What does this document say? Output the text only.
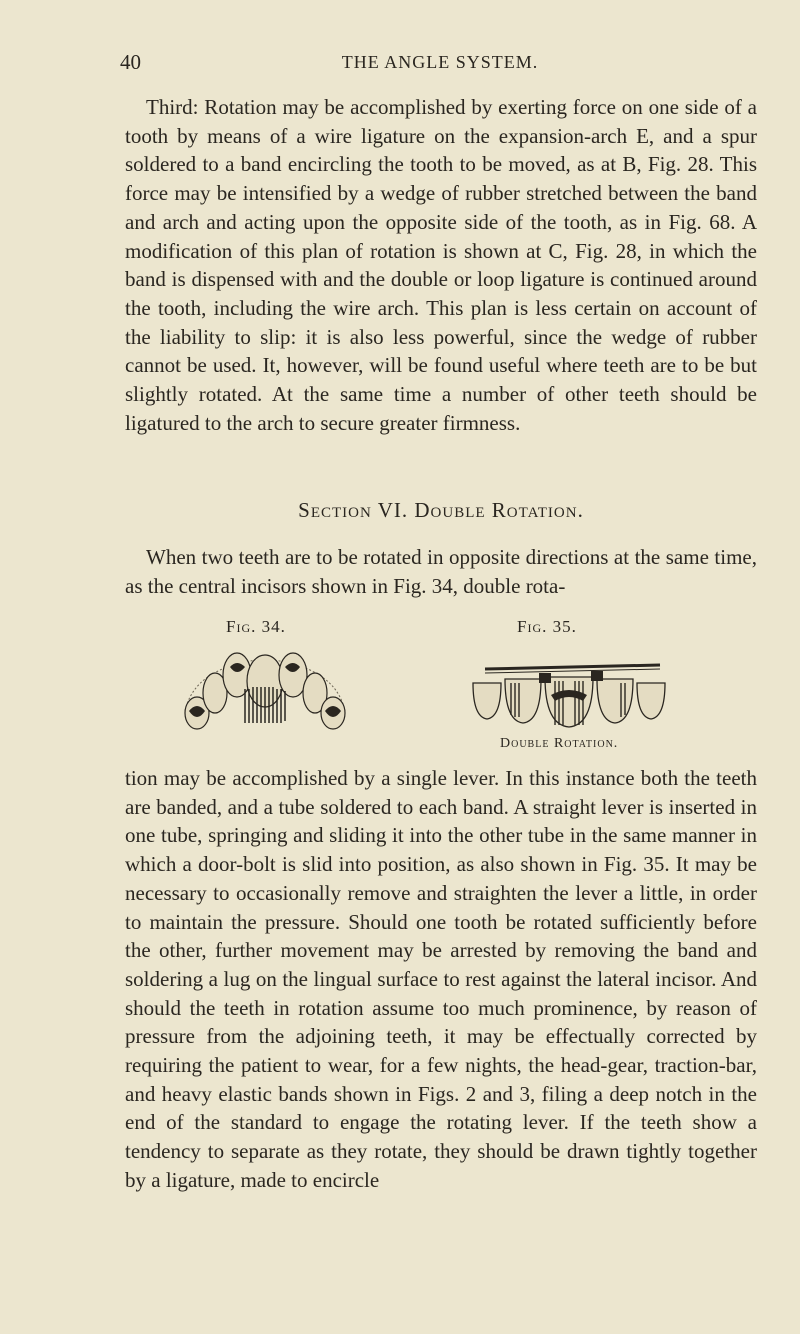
40	THE ANGLE SYSTEM.

Third: Rotation may be accomplished by exerting force on one side of a tooth by means of a wire ligature on the expansion-arch E, and a spur soldered to a band encircling the tooth to be moved, as at B, Fig. 28. This force may be intensified by a wedge of rubber stretched between the band and arch and acting upon the opposite side of the tooth, as in Fig. 68. A modification of this plan of rotation is shown at C, Fig. 28, in which the band is dispensed with and the double or loop ligature is continued around the tooth, including the wire arch. This plan is less certain on account of the liability to slip: it is also less powerful, since the wedge of rubber cannot be used. It, however, will be found useful where teeth are to be but slightly rotated. At the same time a number of other teeth should be ligatured to the arch to secure greater firmness.

Section VI. Double Rotation.

When two teeth are to be rotated in opposite directions at the same time, as the central incisors shown in Fig. 34, double rota-

Fig. 34.	Fig. 35.
Double Rotation.

tion may be accomplished by a single lever. In this instance both the teeth are banded, and a tube soldered to each band. A straight lever is inserted in one tube, springing and sliding it into the other tube in the same manner in which a door-bolt is slid into position, as also shown in Fig. 35. It may be necessary to occasionally remove and straighten the lever a little, in order to maintain the pressure. Should one tooth be rotated sufficiently before the other, further movement may be arrested by removing the band and soldering a lug on the lingual surface to rest against the lateral incisor. And should the teeth in rotation assume too much prominence, by reason of pressure from the adjoining teeth, it may be effectually corrected by requiring the patient to wear, for a few nights, the head-gear, traction-bar, and heavy elastic bands shown in Figs. 2 and 3, filing a deep notch in the end of the standard to engage the rotating lever. If the teeth show a tendency to separate as they rotate, they should be drawn tightly together by a ligature, made to encircle
